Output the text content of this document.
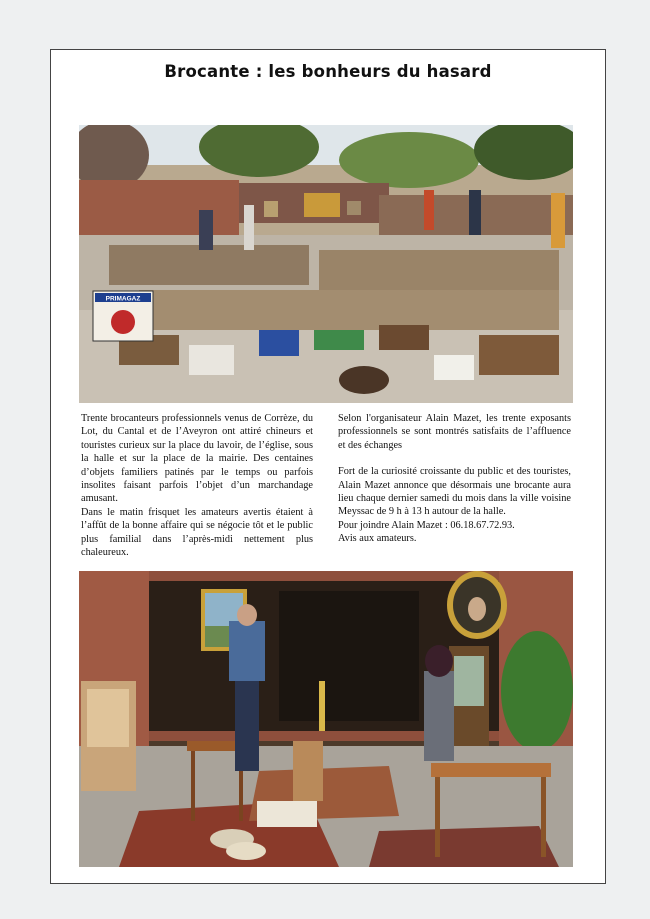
Brocante : les bonheurs du hasard
PRIMAGAZ

Trente brocanteurs professionnels venus de Corrèze, du Lot, du Cantal et de l’Aveyron ont attiré chineurs et touristes curieux sur la place du lavoir, de l’église, sous la halle et sur la place de la mairie. Des centaines d’objets familiers patinés par le temps ou parfois insolites faisant parfois l’objet d’un marchandage amusant.

Dans le matin frisquet les amateurs avertis étaient à l’affût de la bonne affaire qui se négocie tôt et le public plus familial dans l’après-midi nettement plus chaleureux.

Selon l'organisateur Alain Mazet, les trente exposants professionnels se sont montrés satisfaits de l’affluence et des échanges

Fort de la curiosité croissante du public et des touristes, Alain Mazet annonce que désormais une brocante aura lieu chaque dernier samedi du mois dans la ville voisine Meyssac de 9 h à 13 h autour de la halle.

Pour joindre Alain Mazet : 06.18.67.72.93.

Avis aux amateurs.
